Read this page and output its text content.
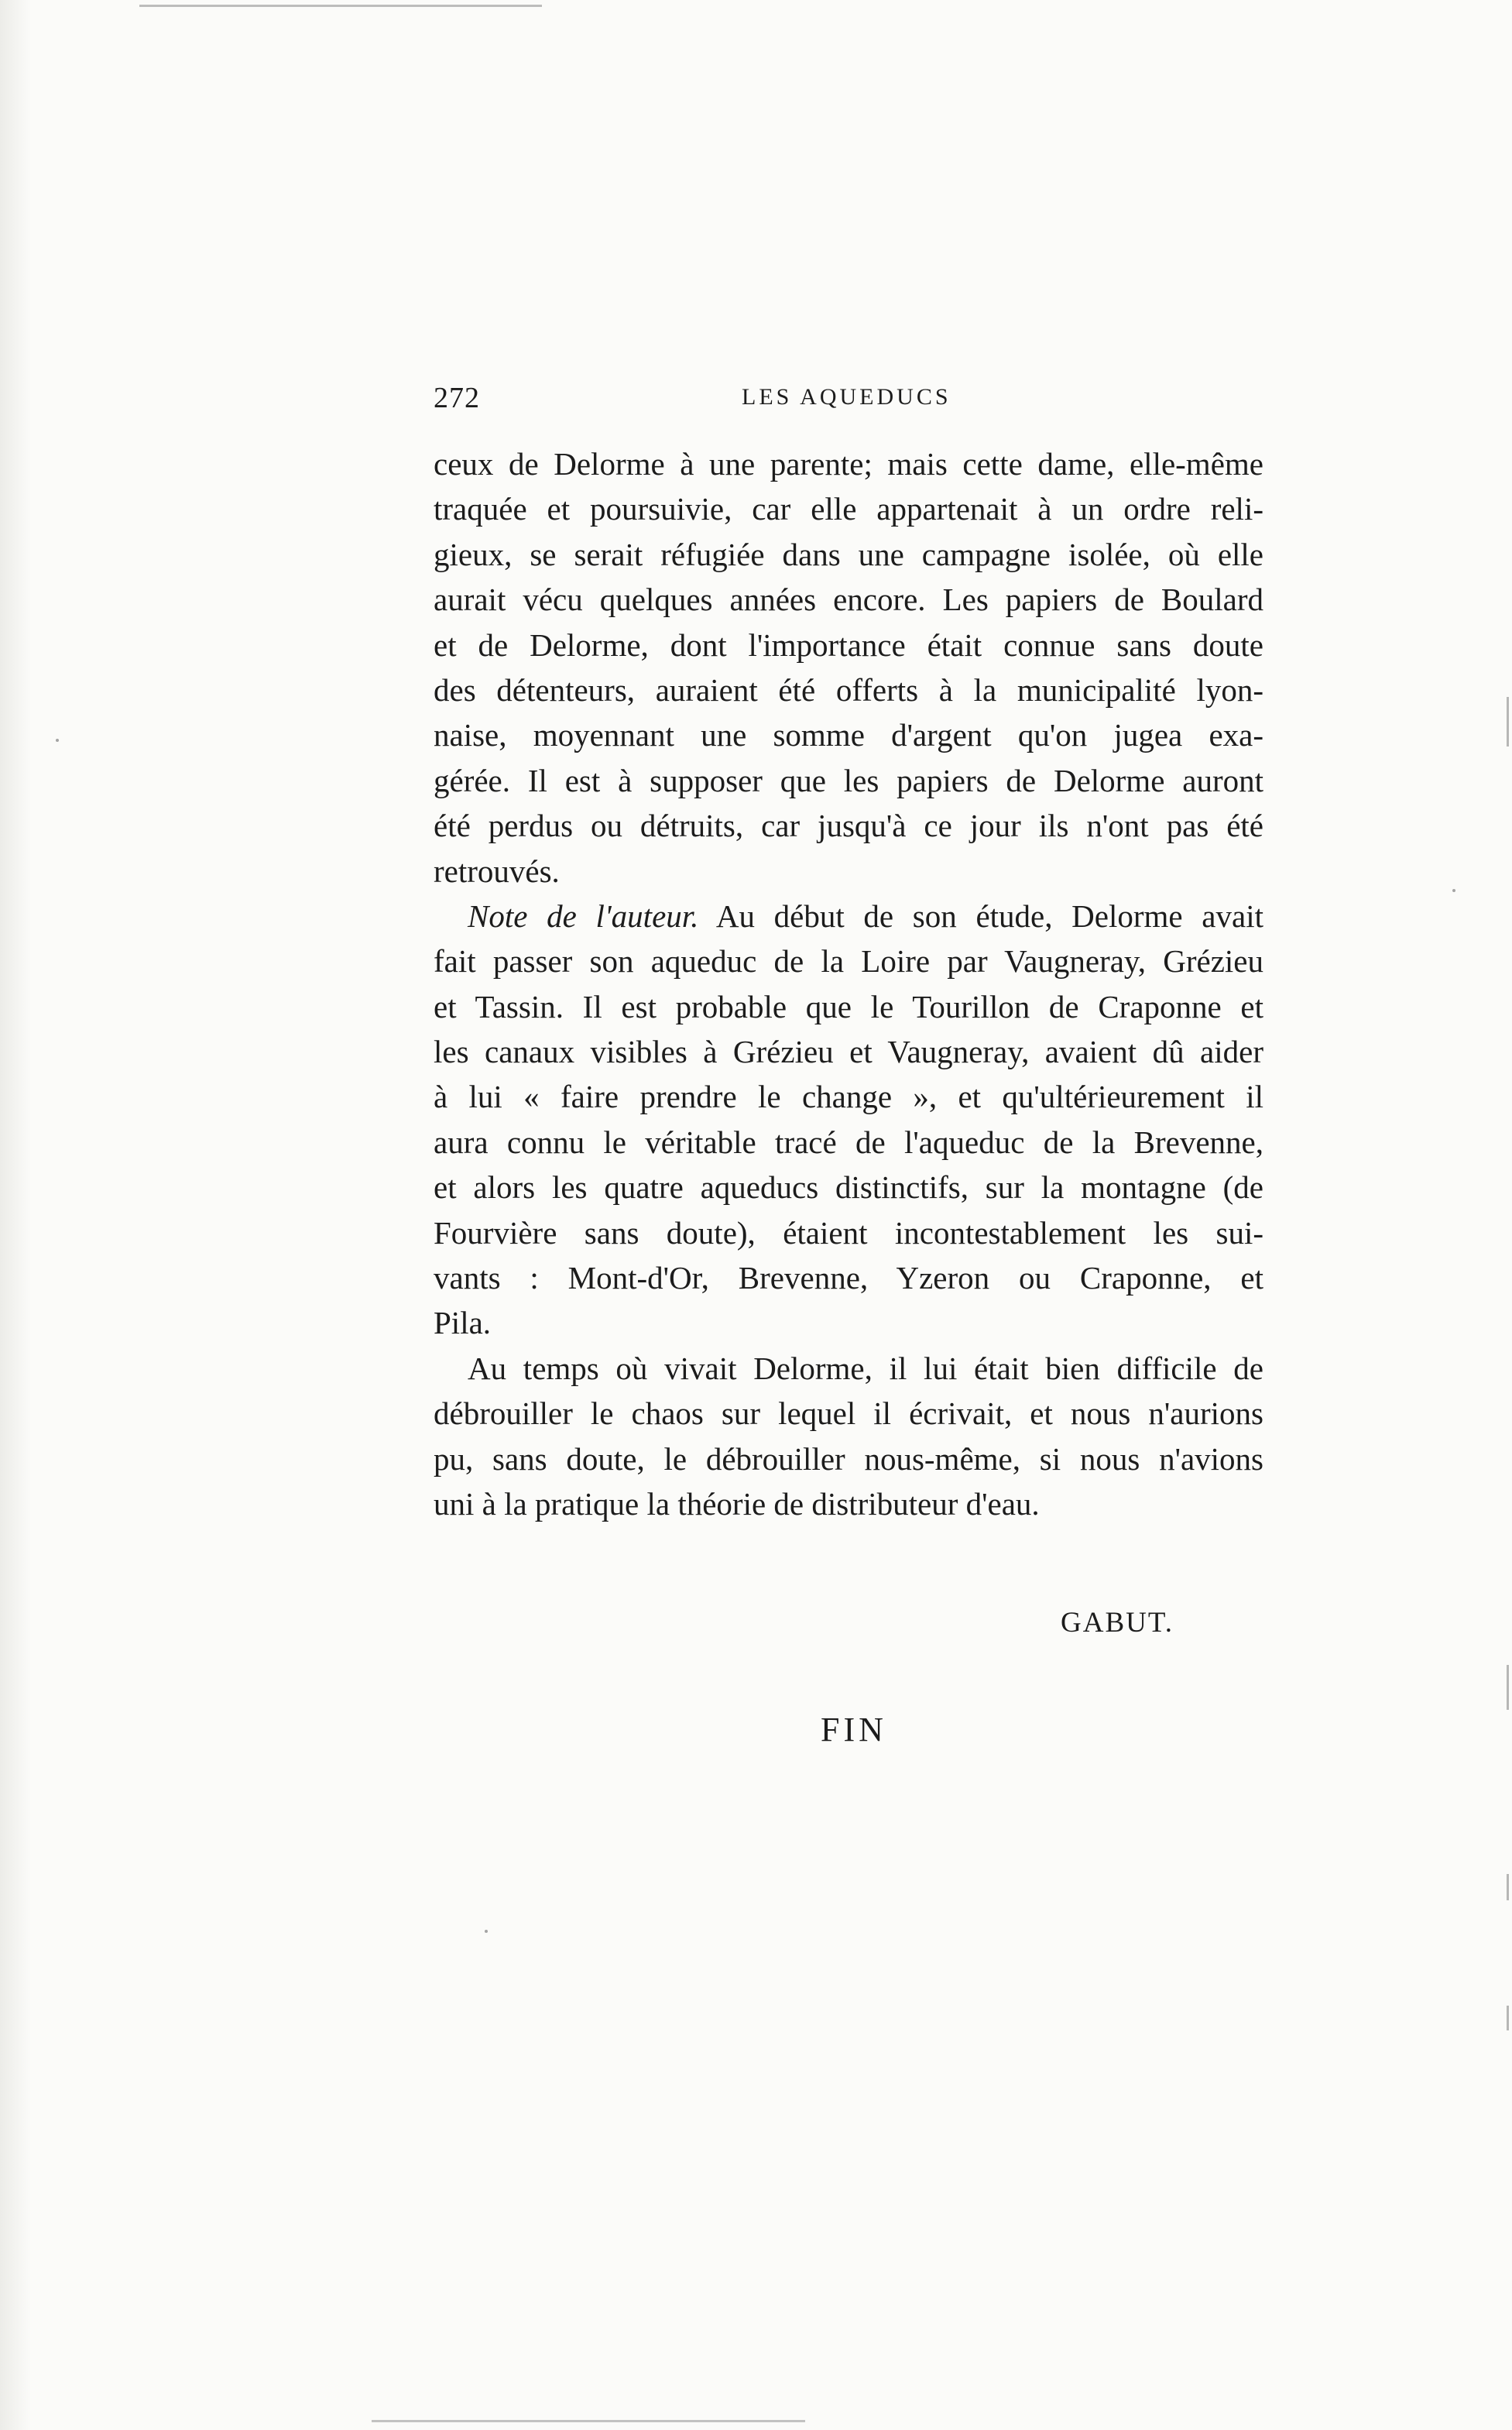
272	LES AQUEDUCS
ceux de Delorme à une parente; mais cette dame, elle-même
traquée et poursuivie, car elle appartenait à un ordre reli-
gieux, se serait réfugiée dans une campagne isolée, où elle
aurait vécu quelques années encore. Les papiers de Boulard
et de Delorme, dont l'importance était connue sans doute
des détenteurs, auraient été offerts à la municipalité lyon-
naise, moyennant une somme d'argent qu'on jugea exa-
gérée. Il est à supposer que les papiers de Delorme auront
été perdus ou détruits, car jusqu'à ce jour ils n'ont pas été
retrouvés.
Note de l'auteur. Au début de son étude, Delorme avait
fait passer son aqueduc de la Loire par Vaugneray, Grézieu
et Tassin. Il est probable que le Tourillon de Craponne et
les canaux visibles à Grézieu et Vaugneray, avaient dû aider
à lui « faire prendre le change », et qu'ultérieurement il
aura connu le véritable tracé de l'aqueduc de la Brevenne,
et alors les quatre aqueducs distinctifs, sur la montagne (de
Fourvière sans doute), étaient incontestablement les sui-
vants : Mont-d'Or, Brevenne, Yzeron ou Craponne, et
Pila.
Au temps où vivait Delorme, il lui était bien difficile de
débrouiller le chaos sur lequel il écrivait, et nous n'aurions
pu, sans doute, le débrouiller nous-même, si nous n'avions
uni à la pratique la théorie de distributeur d'eau.
GABUT.
FIN
